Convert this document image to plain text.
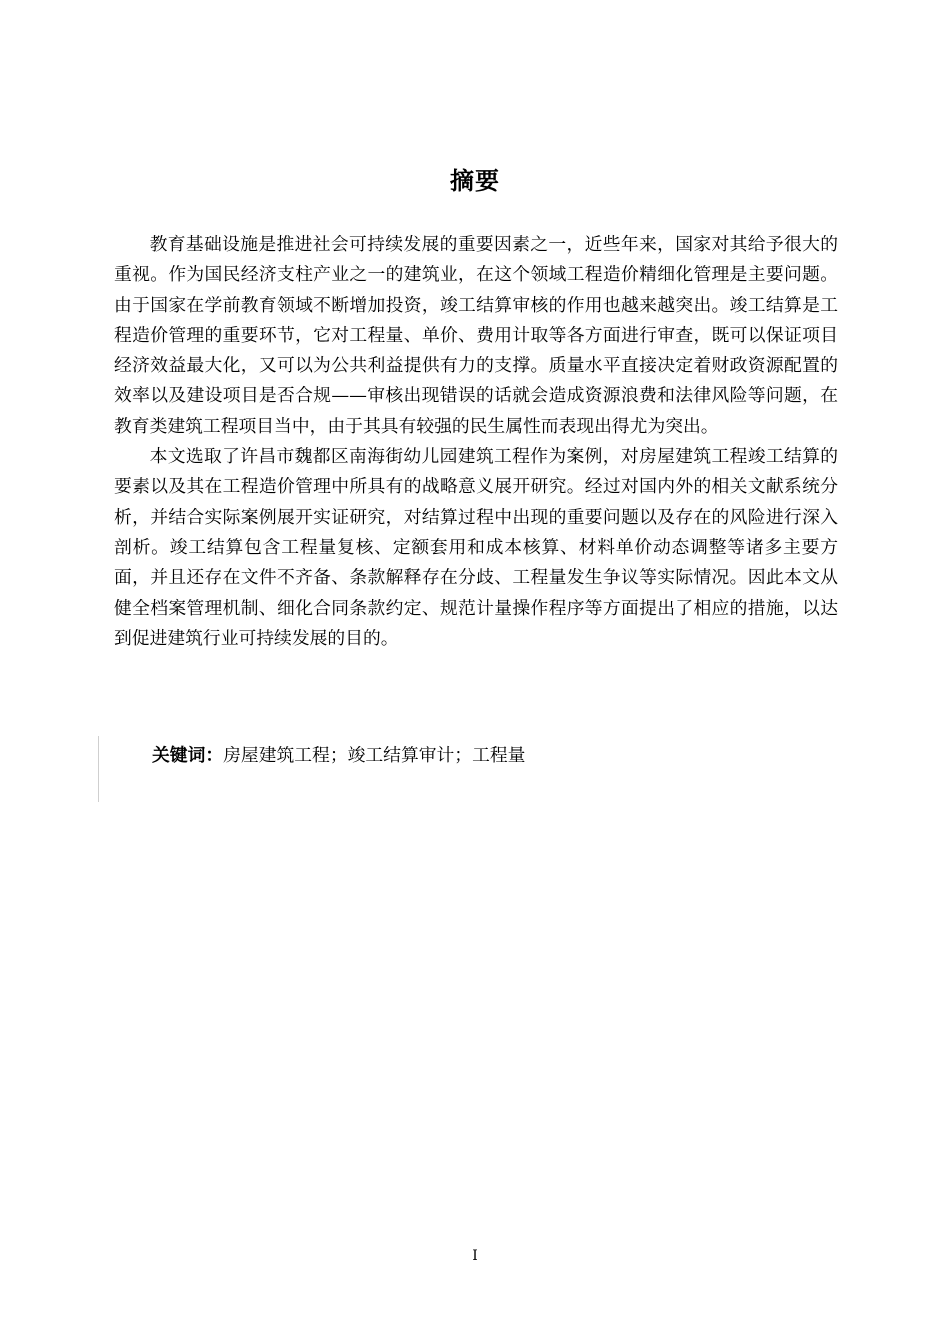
摘要

教育基础设施是推进社会可持续发展的重要因素之一，近些年来，国家对其给予很大的重视。作为国民经济支柱产业之一的建筑业，在这个领域工程造价精细化管理是主要问题。由于国家在学前教育领域不断增加投资，竣工结算审核的作用也越来越突出。竣工结算是工程造价管理的重要环节，它对工程量、单价、费用计取等各方面进行审查，既可以保证项目经济效益最大化，又可以为公共利益提供有力的支撑。质量水平直接决定着财政资源配置的效率以及建设项目是否合规——审核出现错误的话就会造成资源浪费和法律风险等问题，在教育类建筑工程项目当中，由于其具有较强的民生属性而表现出得尤为突出。

本文选取了许昌市魏都区南海街幼儿园建筑工程作为案例，对房屋建筑工程竣工结算的要素以及其在工程造价管理中所具有的战略意义展开研究。经过对国内外的相关文献系统分析，并结合实际案例展开实证研究，对结算过程中出现的重要问题以及存在的风险进行深入剖析。竣工结算包含工程量复核、定额套用和成本核算、材料单价动态调整等诸多主要方面，并且还存在文件不齐备、条款解释存在分歧、工程量发生争议等实际情况。因此本文从健全档案管理机制、细化合同条款约定、规范计量操作程序等方面提出了相应的措施，以达到促进建筑行业可持续发展的目的。

关键词：房屋建筑工程；竣工结算审计；工程量
I
